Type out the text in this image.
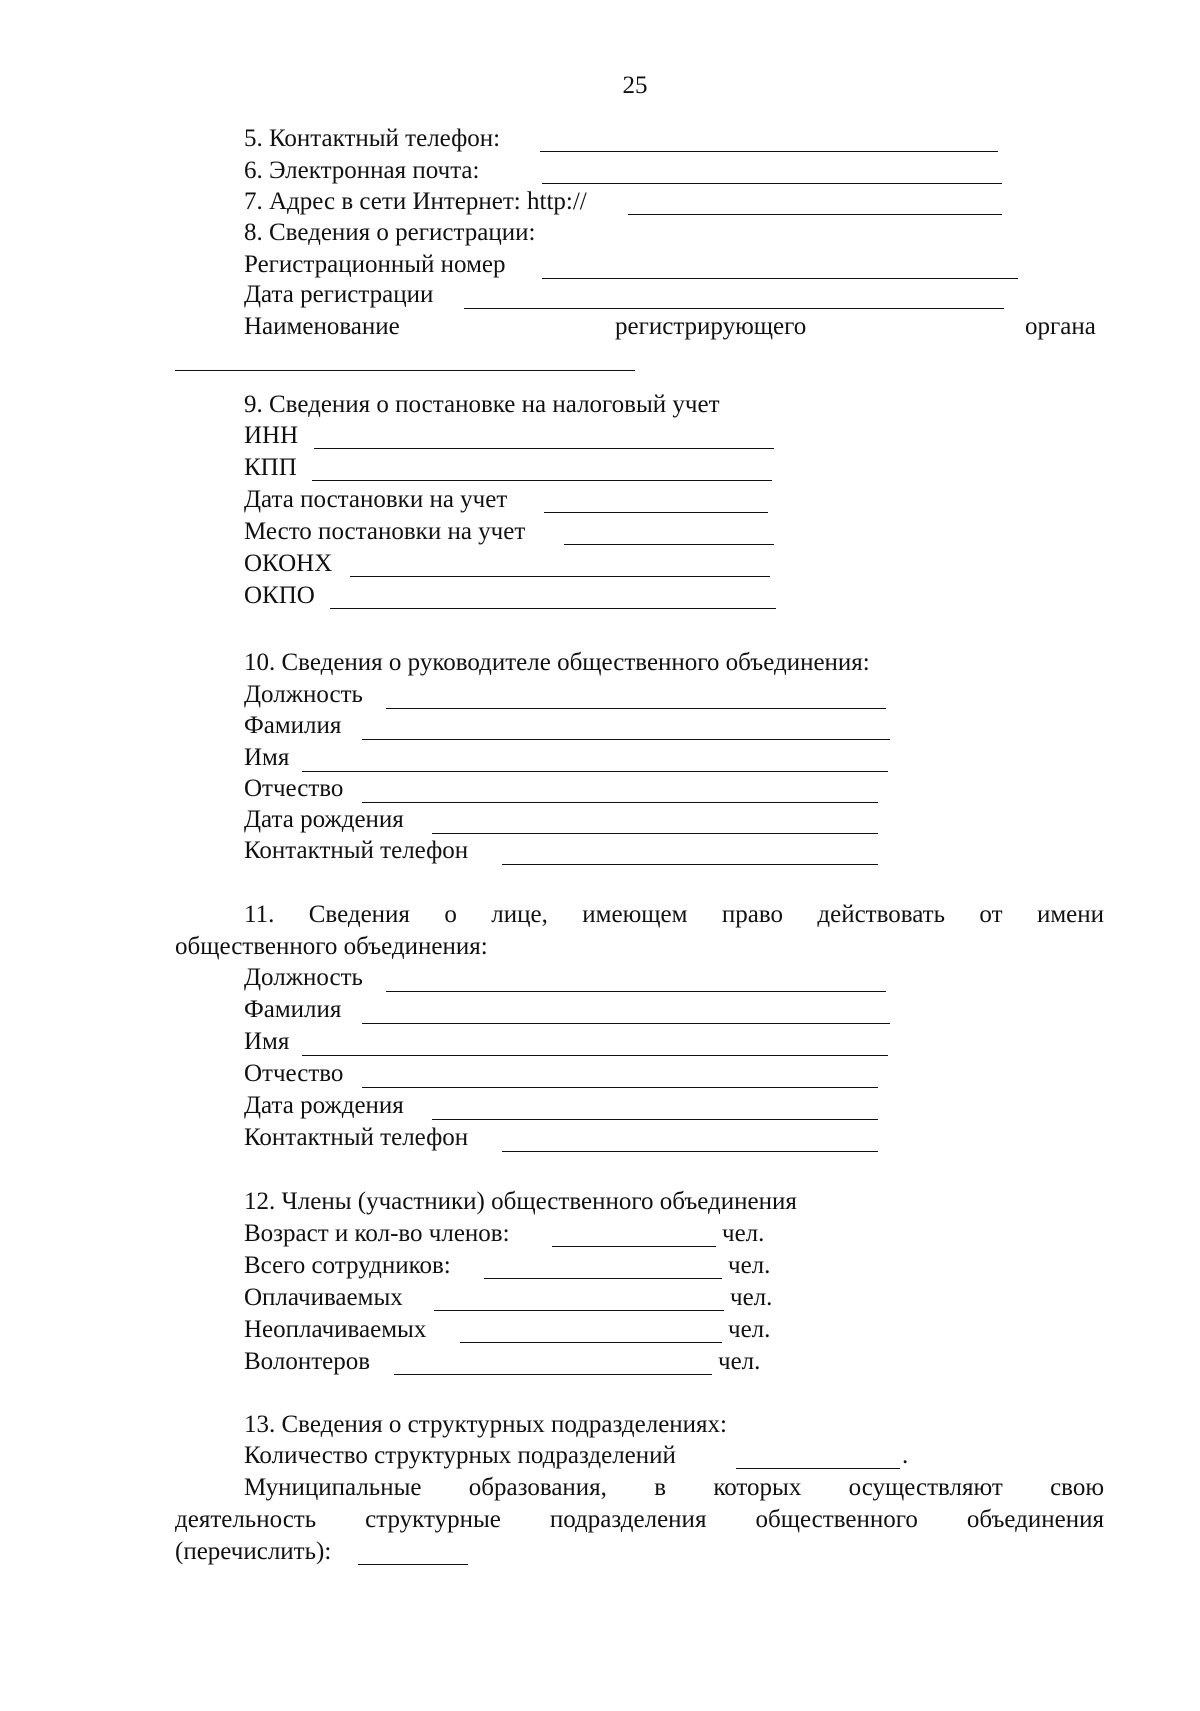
25
5. Контактный телефон:
6. Электронная почта:
7. Адрес в сети Интернет: http://
8. Сведения о регистрации:
Регистрационный номер
Дата регистрации
Наименование	регистрирующего	органа
9. Сведения о постановке на налоговый учет
ИНН
КПП
Дата постановки на учет
Место постановки на учет
ОКОНХ
ОКПО
10. Сведения о руководителе общественного объединения:
Должность
Фамилия
Имя
Отчество
Дата рождения
Контактный телефон
11. Сведения о лице, имеющем право действовать от имени
общественного объединения:
Должность
Фамилия
Имя
Отчество
Дата рождения
Контактный телефон
12. Члены (участники) общественного объединения
Возраст и кол-во членов:	чел.
Всего сотрудников:	чел.
Оплачиваемых	чел.
Неоплачиваемых	чел.
Волонтеров	чел.
13. Сведения о структурных подразделениях:
Количество структурных подразделений	.
Муниципальные образования, в которых осуществляют свою
деятельность структурные подразделения общественного объединения
(перечислить):
